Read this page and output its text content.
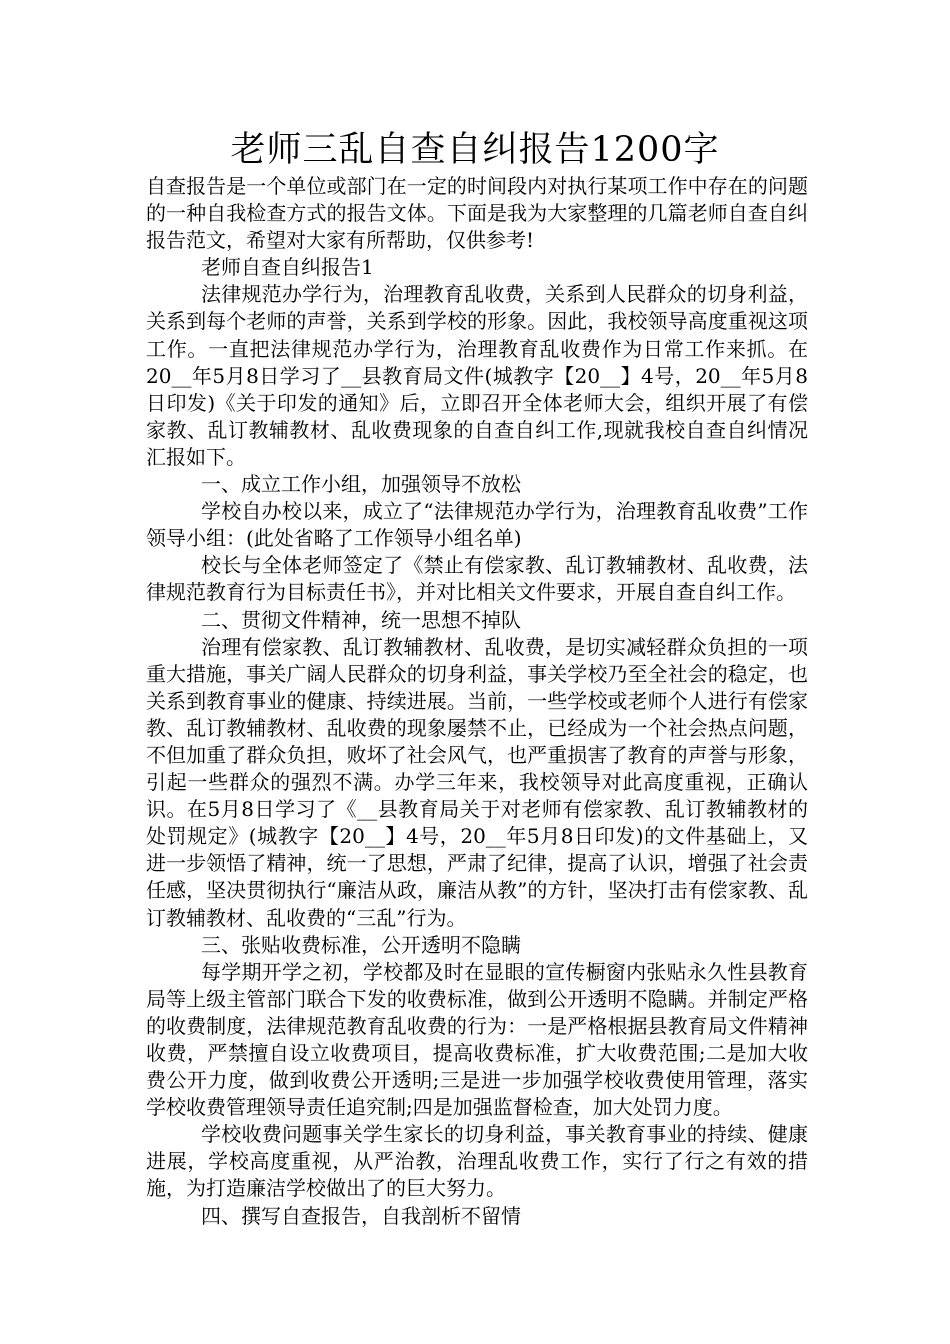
老师三乱自查自纠报告1200字

自查报告是一个单位或部门在一定的时间段内对执行某项工作中存在的问题的一种自我检查方式的报告文体。下面是我为大家整理的几篇老师自查自纠报告范文，希望对大家有所帮助，仅供参考!

老师自查自纠报告1

法律规范办学行为，治理教育乱收费，关系到人民群众的切身利益，关系到每个老师的声誉，关系到学校的形象。因此，我校领导高度重视这项工作。一直把法律规范办学行为，治理教育乱收费作为日常工作来抓。在20__年5月8日学习了__县教育局文件(城教字【20__】4号，20__年5月8日印发)《关于印发的通知》后，立即召开全体老师大会，组织开展了有偿家教、乱订教辅教材、乱收费现象的自查自纠工作,现就我校自查自纠情况汇报如下。

一、成立工作小组，加强领导不放松

学校自办校以来，成立了“法律规范办学行为，治理教育乱收费”工作领导小组：(此处省略了工作领导小组名单)

校长与全体老师签定了《禁止有偿家教、乱订教辅教材、乱收费，法律规范教育行为目标责任书》，并对比相关文件要求，开展自查自纠工作。

二、贯彻文件精神，统一思想不掉队

治理有偿家教、乱订教辅教材、乱收费，是切实减轻群众负担的一项重大措施，事关广阔人民群众的切身利益，事关学校乃至全社会的稳定，也关系到教育事业的健康、持续进展。当前，一些学校或老师个人进行有偿家教、乱订教辅教材、乱收费的现象屡禁不止，已经成为一个社会热点问题，不但加重了群众负担，败坏了社会风气，也严重损害了教育的声誉与形象，引起一些群众的强烈不满。办学三年来，我校领导对此高度重视，正确认识。在5月8日学习了《__县教育局关于对老师有偿家教、乱订教辅教材的处罚规定》(城教字【20__】4号，20__年5月8日印发)的文件基础上，又进一步领悟了精神，统一了思想，严肃了纪律，提高了认识，增强了社会责任感，坚决贯彻执行“廉洁从政，廉洁从教”的方针，坚决打击有偿家教、乱订教辅教材、乱收费的“三乱”行为。

三、张贴收费标准，公开透明不隐瞒

每学期开学之初，学校都及时在显眼的宣传橱窗内张贴永久性县教育局等上级主管部门联合下发的收费标准，做到公开透明不隐瞒。并制定严格的收费制度，法律规范教育乱收费的行为：一是严格根据县教育局文件精神收费，严禁擅自设立收费项目，提高收费标准，扩大收费范围;二是加大收费公开力度，做到收费公开透明;三是进一步加强学校收费使用管理，落实学校收费管理领导责任追究制;四是加强监督检查，加大处罚力度。

学校收费问题事关学生家长的切身利益，事关教育事业的持续、健康进展，学校高度重视，从严治教，治理乱收费工作，实行了行之有效的措施，为打造廉洁学校做出了的巨大努力。

四、撰写自查报告，自我剖析不留情
